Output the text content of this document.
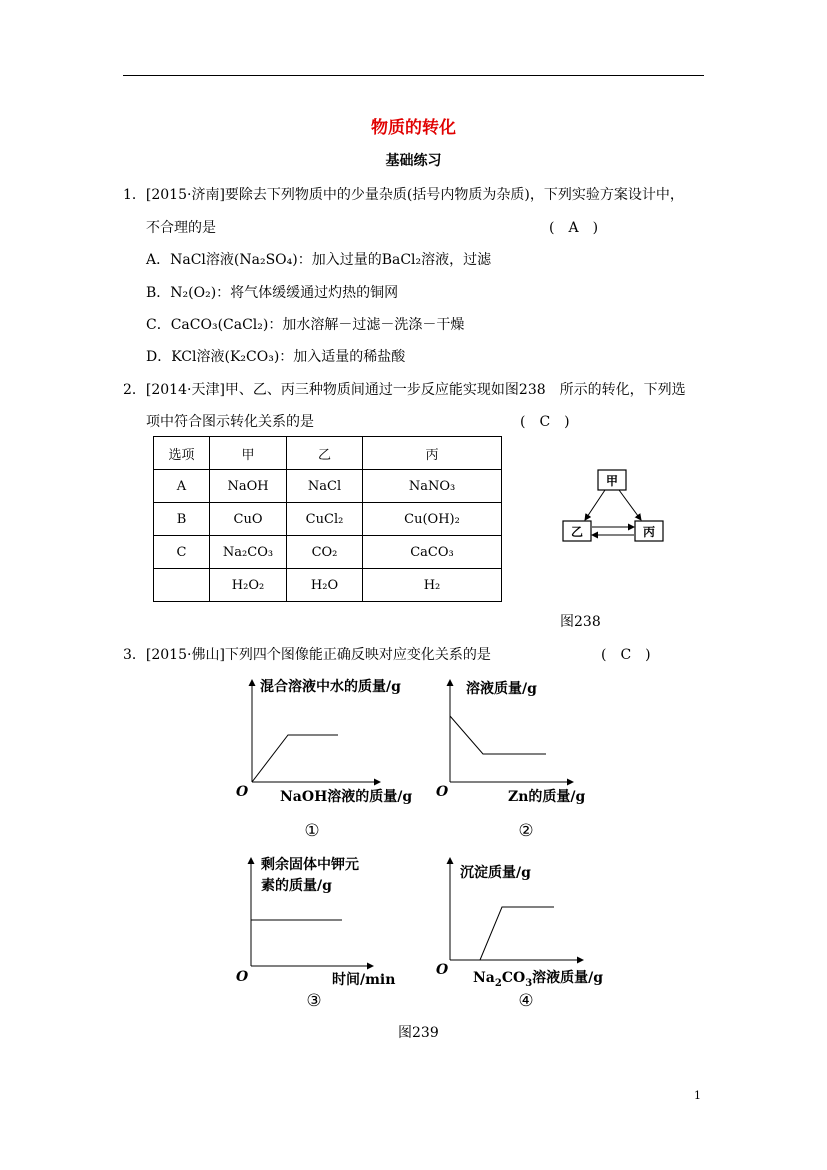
物质的转化
基础练习
1．[2015·济南]要除去下列物质中的少量杂质(括号内物质为杂质)，下列实验方案设计中，
不合理的是	(　A　)
A．NaCl溶液(Na₂SO₄)：加入过量的BaCl₂溶液，过滤
B．N₂(O₂)：将气体缓缓通过灼热的铜网
C．CaCO₃(CaCl₂)：加水溶解－过滤－洗涤－干燥
D．KCl溶液(K₂CO₃)：加入适量的稀盐酸
2．[2014·天津]甲、乙、丙三种物质间通过一步反应能实现如图238　所示的转化，下列选
项中符合图示转化关系的是	(　C　)
选项	甲	乙	丙
A	NaOH	NaCl	NaNO₃
B	CuO	CuCl₂	Cu(OH)₂
C	Na₂CO₃	CO₂	CaCO₃
	H₂O₂	H₂O	H₂
甲
乙	丙
图238
3．[2015·佛山]下列四个图像能正确反映对应变化关系的是	(　C　)
混合溶液中水的质量/g
NaOH溶液的质量/g
O
①
溶液质量/g
Zn的质量/g
O
②
剩余固体中钾元
素的质量/g
时间/min
O
③
沉淀质量/g
$Na_2CO_3$溶液质量/g
O
④
图239
1
